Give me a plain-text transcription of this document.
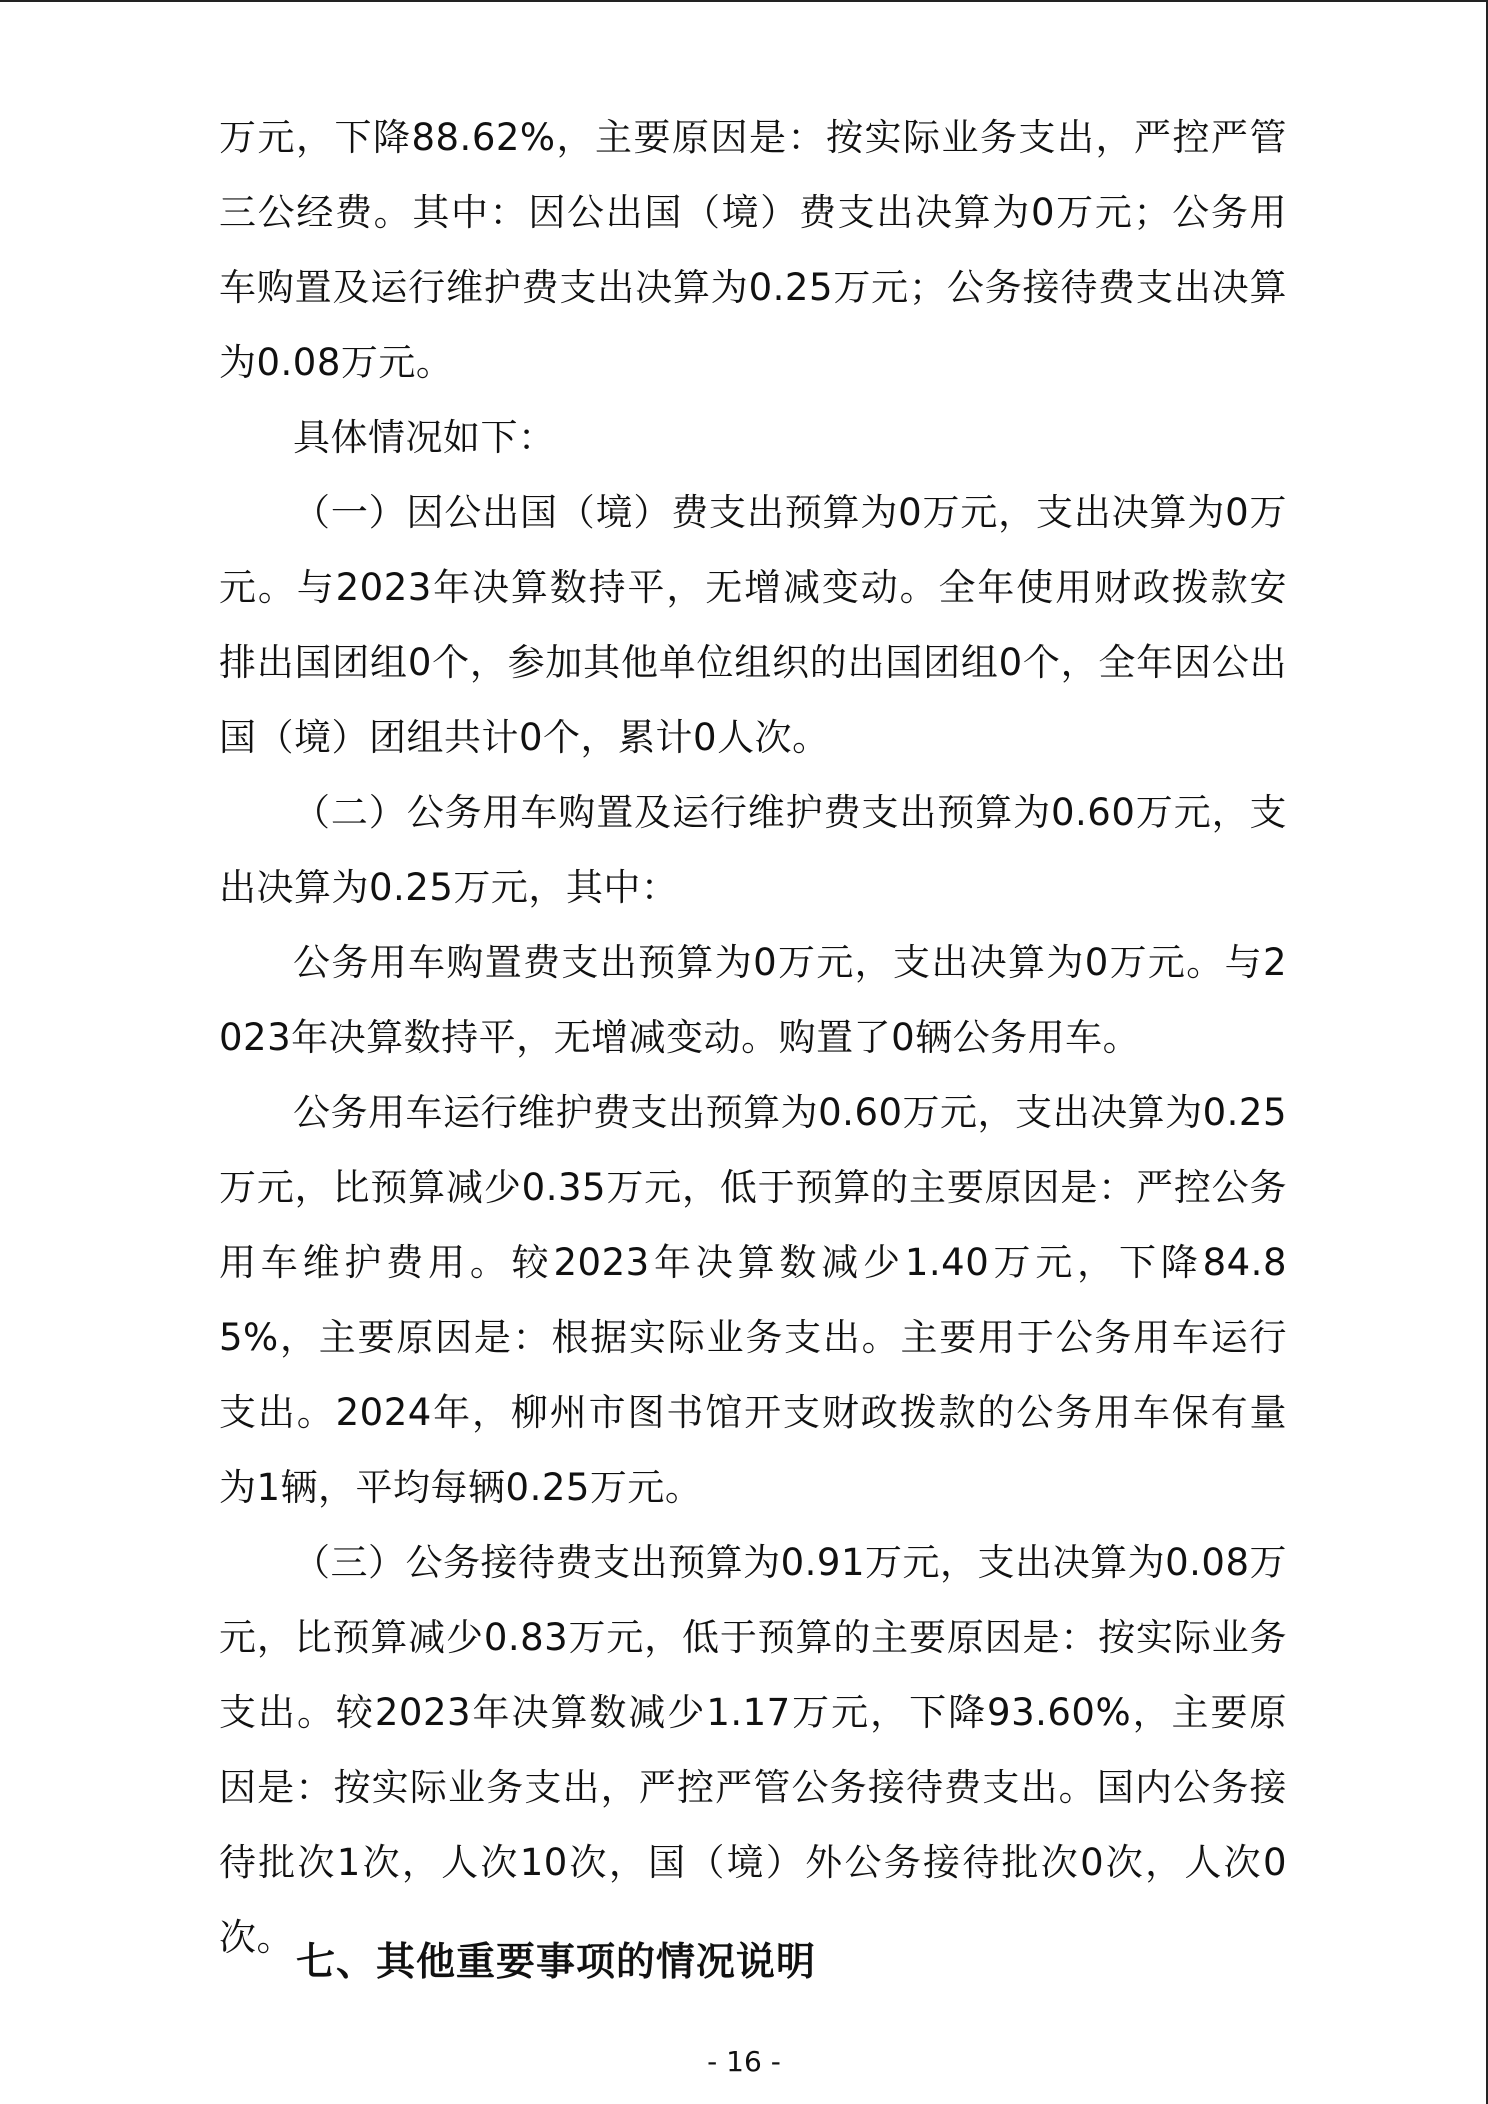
万元，下降88.62%，主要原因是：按实际业务支出，严控严管三公经费。其中：因公出国（境）费支出决算为0万元；公务用车购置及运行维护费支出决算为0.25万元；公务接待费支出决算为0.08万元。

具体情况如下：

（一）因公出国（境）费支出预算为0万元，支出决算为0万元。与2023年决算数持平，无增减变动。全年使用财政拨款安排出国团组0个，参加其他单位组织的出国团组0个，全年因公出国（境）团组共计0个，累计0人次。

（二）公务用车购置及运行维护费支出预算为0.60万元，支出决算为0.25万元，其中：

公务用车购置费支出预算为0万元，支出决算为0万元。与2023年决算数持平，无增减变动。购置了0辆公务用车。

公务用车运行维护费支出预算为0.60万元，支出决算为0.25万元，比预算减少0.35万元，低于预算的主要原因是：严控公务用车维护费用。较2023年决算数减少1.40万元，下降84.85%，主要原因是：根据实际业务支出。主要用于公务用车运行支出。2024年，柳州市图书馆开支财政拨款的公务用车保有量为1辆，平均每辆0.25万元。

（三）公务接待费支出预算为0.91万元，支出决算为0.08万元，比预算减少0.83万元，低于预算的主要原因是：按实际业务支出。较2023年决算数减少1.17万元，下降93.60%，主要原因是：按实际业务支出，严控严管公务接待费支出。国内公务接待批次1次，人次10次，国（境）外公务接待批次0次，人次0次。

七、其他重要事项的情况说明
- 16 -
